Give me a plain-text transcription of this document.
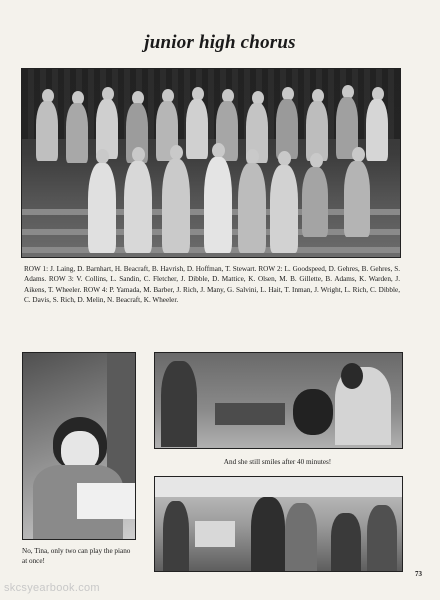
junior high chorus
ROW 1: J. Laing, D. Barnhart, H. Beacraft, B. Havrish, D. Hoffman, T. Stewart. ROW 2: L. Goodspeed, D. Gehres, B. Gehres, S. Adams. ROW 3: V. Collins, L. Sandin, C. Fletcher, J. Dibble, D. Mattice, K. Olsen, M. B. Gillette, B. Adams, K. Warden, J. Aikens, T. Wheeler. ROW 4: P. Yamada, M. Barber, J. Rich, J. Many, G. Salvini, L. Hait, T. Inman, J. Wright, L. Rich, C. Dibble, C. Davis, S. Rich, D. Melin, N. Beacraft, K. Wheeler.
And she still smiles after 40 minutes!
No, Tina, only two can play the piano at once!
73
skcsyearbook.com
